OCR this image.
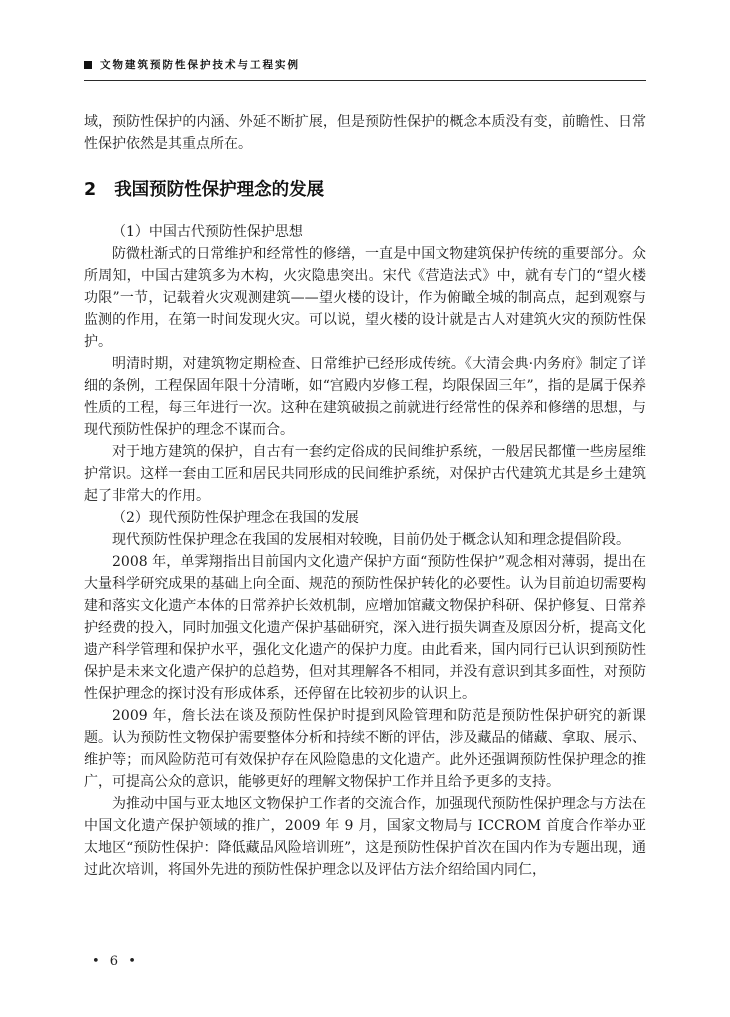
文物建筑预防性保护技术与工程实例

域，预防性保护的内涵、外延不断扩展，但是预防性保护的概念本质没有变，前瞻性、日常性保护依然是其重点所在。

2 我国预防性保护理念的发展

（1）中国古代预防性保护思想

防微杜渐式的日常维护和经常性的修缮，一直是中国文物建筑保护传统的重要部分。众所周知，中国古建筑多为木构，火灾隐患突出。宋代《营造法式》中，就有专门的“望火楼功限”一节，记载着火灾观测建筑——望火楼的设计，作为俯瞰全城的制高点，起到观察与监测的作用，在第一时间发现火灾。可以说，望火楼的设计就是古人对建筑火灾的预防性保护。

明清时期，对建筑物定期检查、日常维护已经形成传统。《大清会典·内务府》制定了详细的条例，工程保固年限十分清晰，如“宫殿内岁修工程，均限保固三年”，指的是属于保养性质的工程，每三年进行一次。这种在建筑破损之前就进行经常性的保养和修缮的思想，与现代预防性保护的理念不谋而合。

对于地方建筑的保护，自古有一套约定俗成的民间维护系统，一般居民都懂一些房屋维护常识。这样一套由工匠和居民共同形成的民间维护系统，对保护古代建筑尤其是乡土建筑起了非常大的作用。

（2）现代预防性保护理念在我国的发展

现代预防性保护理念在我国的发展相对较晚，目前仍处于概念认知和理念提倡阶段。

2008 年，单霁翔指出目前国内文化遗产保护方面“预防性保护”观念相对薄弱，提出在大量科学研究成果的基础上向全面、规范的预防性保护转化的必要性。认为目前迫切需要构建和落实文化遗产本体的日常养护长效机制，应增加馆藏文物保护科研、保护修复、日常养护经费的投入，同时加强文化遗产保护基础研究，深入进行损失调查及原因分析，提高文化遗产科学管理和保护水平，强化文化遗产的保护力度。由此看来，国内同行已认识到预防性保护是未来文化遗产保护的总趋势，但对其理解各不相同，并没有意识到其多面性，对预防性保护理念的探讨没有形成体系，还停留在比较初步的认识上。

2009 年，詹长法在谈及预防性保护时提到风险管理和防范是预防性保护研究的新课题。认为预防性文物保护需要整体分析和持续不断的评估，涉及藏品的储藏、拿取、展示、维护等；而风险防范可有效保护存在风险隐患的文化遗产。此外还强调预防性保护理念的推广，可提高公众的意识，能够更好的理解文物保护工作并且给予更多的支持。

为推动中国与亚太地区文物保护工作者的交流合作，加强现代预防性保护理念与方法在中国文化遗产保护领域的推广，2009 年 9 月，国家文物局与 ICCROM 首度合作举办亚太地区“预防性保护：降低藏品风险培训班”，这是预防性保护首次在国内作为专题出现，通过此次培训，将国外先进的预防性保护理念以及评估方法介绍给国内同仁，

• 6 •
